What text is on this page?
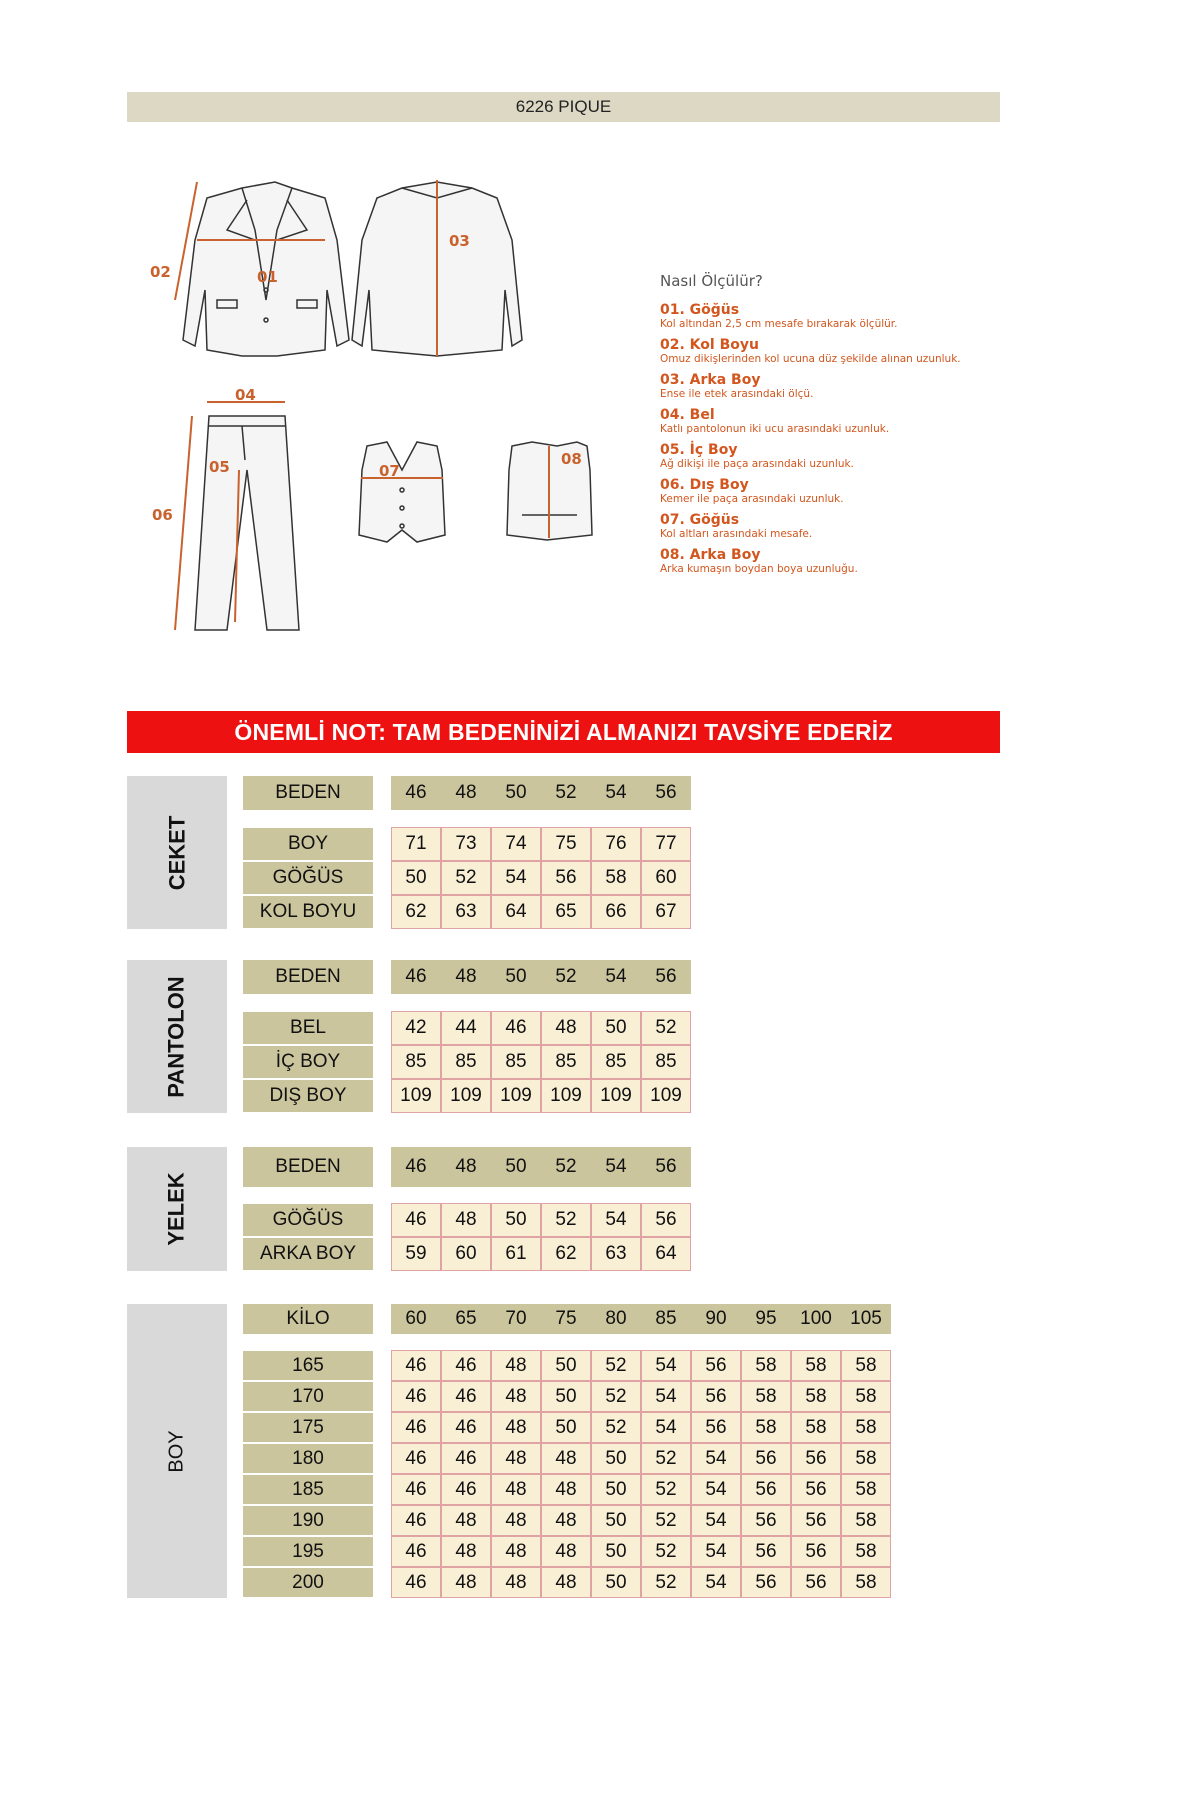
6226 PIQUE
01
02
03
04
05
06
07
08
Nasıl Ölçülür?
01. Göğüs
Kol altından 2,5 cm mesafe bırakarak ölçülür.
02. Kol Boyu
Omuz dikişlerinden kol ucuna düz şekilde alınan uzunluk.
03. Arka Boy
Ense ile etek arasındaki ölçü.
04. Bel
Katlı pantolonun iki ucu arasındaki uzunluk.
05. İç Boy
Ağ dikişi ile paça arasındaki uzunluk.
06. Dış Boy
Kemer ile paça arasındaki uzunluk.
07. Göğüs
Kol altları arasındaki mesafe.
08. Arka Boy
Arka kumaşın boydan boya uzunluğu.
ÖNEMLİ NOT: TAM BEDENİNİZİ ALMANIZI TAVSİYE EDERİZ
CEKET
BEDEN	46	48	50	52	54	56
BOY	71	73	74	75	76	77
GÖĞÜS	50	52	54	56	58	60
KOL BOYU	62	63	64	65	66	67
PANTOLON	BEDEN	46	48	50	52	54	56
BEL	42	44	46	48	50	52
İÇ BOY	85	85	85	85	85	85
DIŞ BOY	109 109 109 109 109 109
YELEK
BEDEN	46	48	50	52	54	56
GÖĞÜS	46	48	50	52	54	56
ARKA BOY	59	60	61	62	63	64
BOY
KİLO	60	65	70	75	80	85	90	95	100 105
165	46	46	48	50	52	54	56	58	58	58
170	46	46	48	50	52	54	56	58	58	58
175	46	46	48	50	52	54	56	58	58	58
180	46	46	48	48	50	52	54	56	56	58
185	46	46	48	48	50	52	54	56	56	58
190	46	48	48	48	50	52	54	56	56	58
195	46	48	48	48	50	52	54	56	56	58
200	46	48	48	48	50	52	54	56	56	58
